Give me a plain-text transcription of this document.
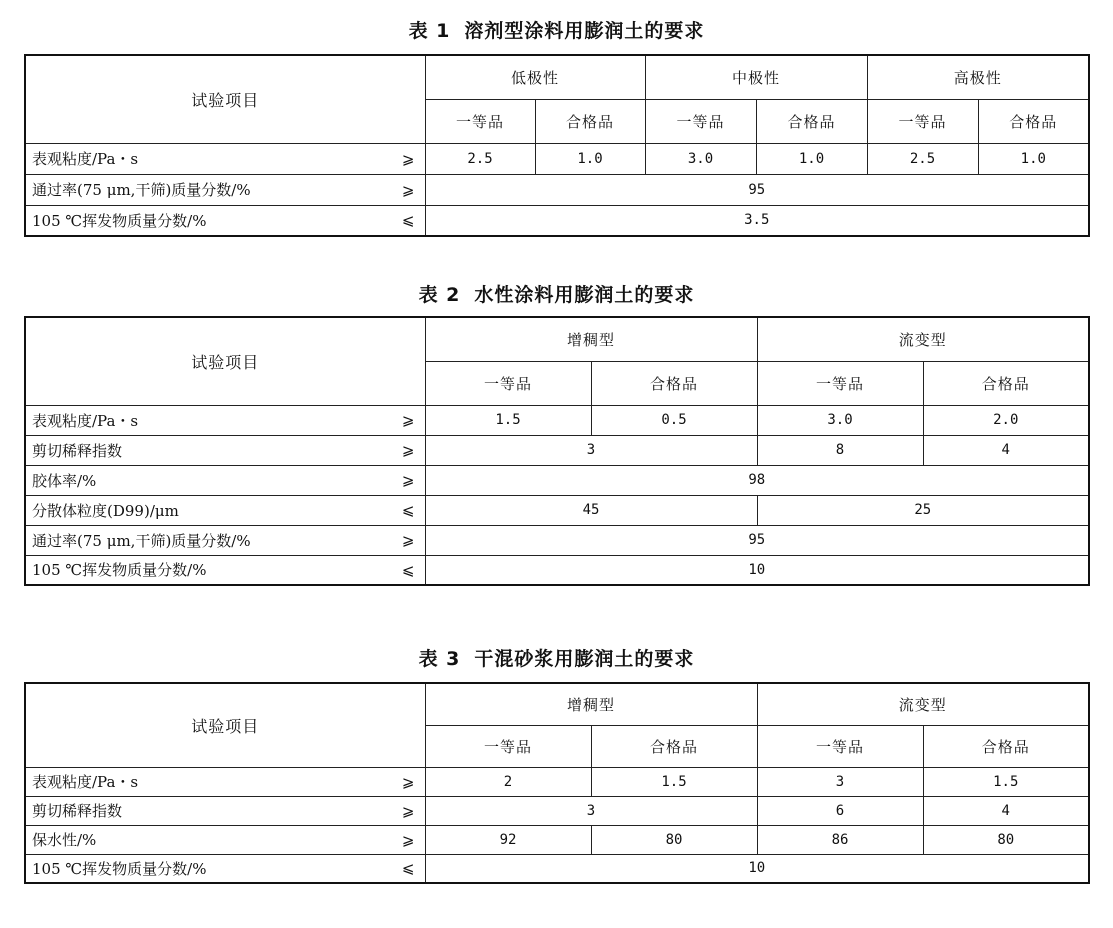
表 1 溶剂型涂料用膨润土的要求
试验项目	低极性		中极性		高极性	
	一等品	合格品	一等品	合格品	一等品	合格品

表观粘度/Pa・s ⩾	2.5	1.0	3.0	1.0	2.5	1.0

通过率(75 μm,干筛)质量分数/% ⩾	95					

105 ℃挥发物质量分数/% ⩽	3.5					
表 2 水性涂料用膨润土的要求
试验项目	增稠型		流变型	
	一等品	合格品	一等品	合格品

表观粘度/Pa・s ⩾	1.5	0.5	3.0	2.0

剪切稀释指数 ⩾	3		8	4

胶体率/% ⩾	98			

分散体粒度(D99)/μm ⩽	45		25	

通过率(75 μm,干筛)质量分数/% ⩾	95			

105 ℃挥发物质量分数/% ⩽	10			
表 3 干混砂浆用膨润土的要求
试验项目	增稠型		流变型	
	一等品	合格品	一等品	合格品

表观粘度/Pa・s ⩾	2	1.5	3	1.5

剪切稀释指数 ⩾	3		6	4

保水性/% ⩾	92	80	86	80

105 ℃挥发物质量分数/% ⩽	10			
